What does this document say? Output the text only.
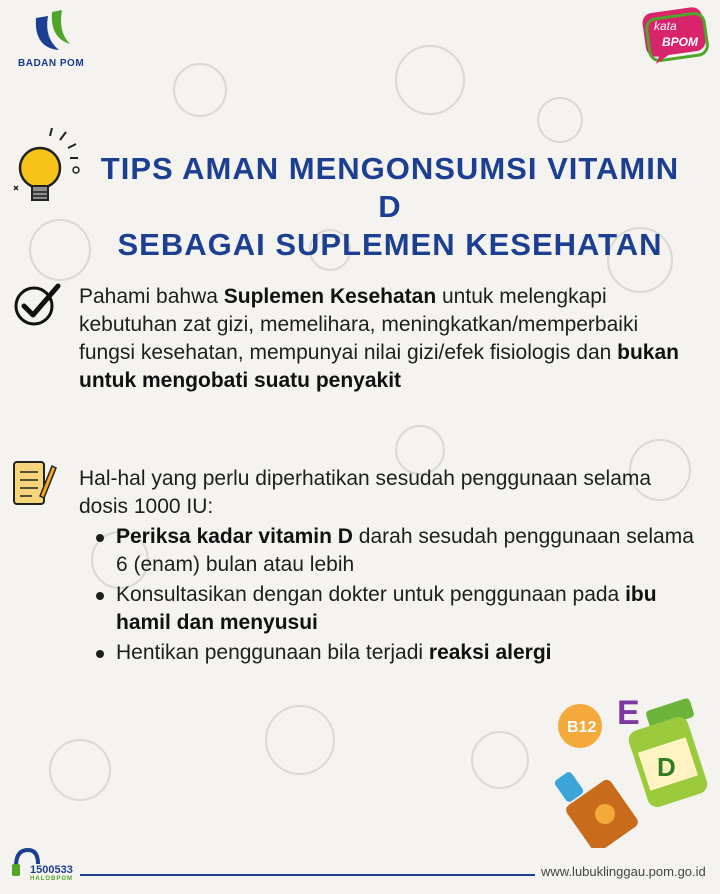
BADAN POM
kata
BPOM
TIPS AMAN MENGONSUMSI VITAMIN D
SEBAGAI SUPLEMEN KESEHATAN
Pahami bahwa Suplemen Kesehatan untuk melengkapi kebutuhan zat gizi, memelihara, meningkatkan/memperbaiki fungsi kesehatan, mempunyai nilai gizi/efek fisiologis dan bukan untuk mengobati suatu penyakit
Hal-hal yang perlu diperhatikan sesudah penggunaan selama dosis 1000 IU:
Periksa kadar vitamin D darah sesudah penggunaan selama 6 (enam) bulan atau lebih
Konsultasikan dengan dokter untuk penggunaan pada ibu hamil dan menyusui
Hentikan penggunaan bila terjadi reaksi alergi
B12 E
D
1500533
HALOBPOM	www.lubuklinggau.pom.go.id
